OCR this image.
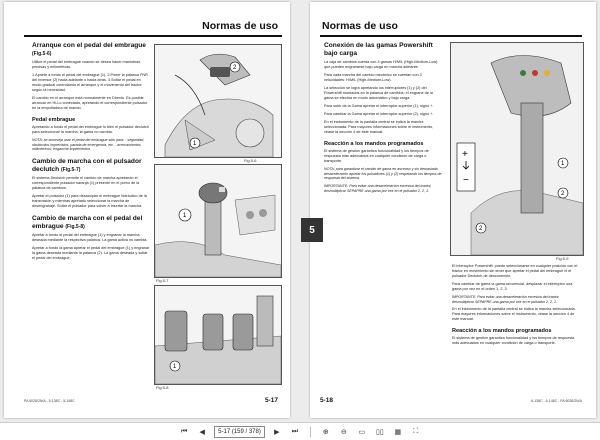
Normas de uso
Arranque con el pedal del embrague
(Fig.5-6)
Utilice el pedal del embrague cuando se desea hacer maniobras precisas y milimétricas.
1.Apriete a fondo el pedal del embrague (1). 2.Poner la palanca FNR del inversor (2) hacia adelante o hacia atrás. 3.Soltar el pedal en modo gradual controlando el arranque y el movimiento del tractor según la necesidad.
El cambio en el arranque está normalmente en Directo. Es posible arrancar en Hi-Lo conectado, apretando el correspondiente pulsador en la empuñadura de mando.
Pedal embrague
Apretando a fondo el pedal del embrague lo bien el pulsador declutch para seleccionar la marcha, la gama no cambia.
NOTA: se aconseja usar el pedal del embrague sólo para: - seguridad, obstáculos imprevistos, parada de emergencia, etc. - acercamientos milimétricos; enganche implementos
Cambio de marcha con el pulsador declutch (Fig.5-7)
El sistema Declutch permite el cambio de marcha apretando el correspondiente pulsador naranja (1) presente en el pomo de la palanca de cambios.
Apretar el pulsador (1) para desacoplar el embrague hidráulico de la transmisión y mientras apretado seleccionar la marcha de desengranaje. Soltar el pulsador para volver a insertar la marcha.
Cambio de marcha con el pedal del embrague (Fig.5-8)
Apretar a fondo el pedal del embrague (1) y engranar la marcha deseada mediante la respectiva palanca. La gama activa no cambia.
Apretar a fondo la gama apretar el pedal del embrague (1) y engranar la gama deseada mediante la palanca (2). La gama deseada y soltar el pedal del embrague.
1
2
Fig.5-6
1
Fig.5-7
1
Fig.5-8
PA 6028/2N/A - 5-138C - 5-148C	5-17
5
Normas de uso
Conexión de las gamas Powershift bajo carga
La caja de cambios cuenta con 3 gamas H/M/L (High-Medium-Low) que pueden engranarse bajo carga en marcha adelante.
Para cada marcha del cambio mecánico se cuentan con 3 velocidades: H/M/L (High-Medium-Low).
La selección se logra apretando los interruptores (1) y (2) del Powershift montados en la palanca de cambios: el engrane de la gama se efectúa en modo automático y bajo carga.
Para subir de la Gama apretar el interruptor superior (1), signo +.
Para cambiar la Gama apretar el interruptor superior (2), signo +.
En el instrumento de la pantalla central se indica la marcha seleccionada. Para mayores informaciones sobre el instrumento, véase la sección 4 de este manual.
Reacción a los mandos programados
El sistema de gestión garantiza funcionalidad y los tiempos de respuesta más adecuados en cualquier condición de carga o transporte.
NOTA: para garantizar el cambio de gama en ascenso y sin demasiada desaceleración apretar los pulsadores (1) y (2) respetando los tiempos de respuesta del sistema.
IMPORTANTE: Para evitar una desaceleración excesiva del tractor, desmultiplicar SEPAPRE una gama por vez en el pulsador 2, 2, 1.
+
−
1
2
2
Fig.5-9
El interruptor Powershift: puede seleccionarse en cualquier posición con el tractor en movimiento sin tener que apretar el pedal del embrague ni el pulsador Declutch de desconexión.
Para cambiar de gama la gama secuencial, desplazar el interruptor una gama por vez en el orden 1, 2, 3.
IMPORTANTE: Para evitar una desaceleración excesiva del tractor, desmultiplicar SEPAPRE una gama por vez en el pulsador 2, 2, 1.
En el instrumento de la pantalla central se indica la marcha seleccionada. Para mayores informaciones sobre el instrumento, véase la sección 4 de este manual.
Reacción a los mandos programados
El sistema de gestión garantiza funcionalidad y los tiempos de respuesta más adecuados en cualquier condición de carga o transporte.
5-18	6-138C - 6-148C - PA 6028/2N/A
⏮	◀	5-17 (159 / 378)	▶	⏭	⊕	⊖	▭	▯▯	▦	⛶
